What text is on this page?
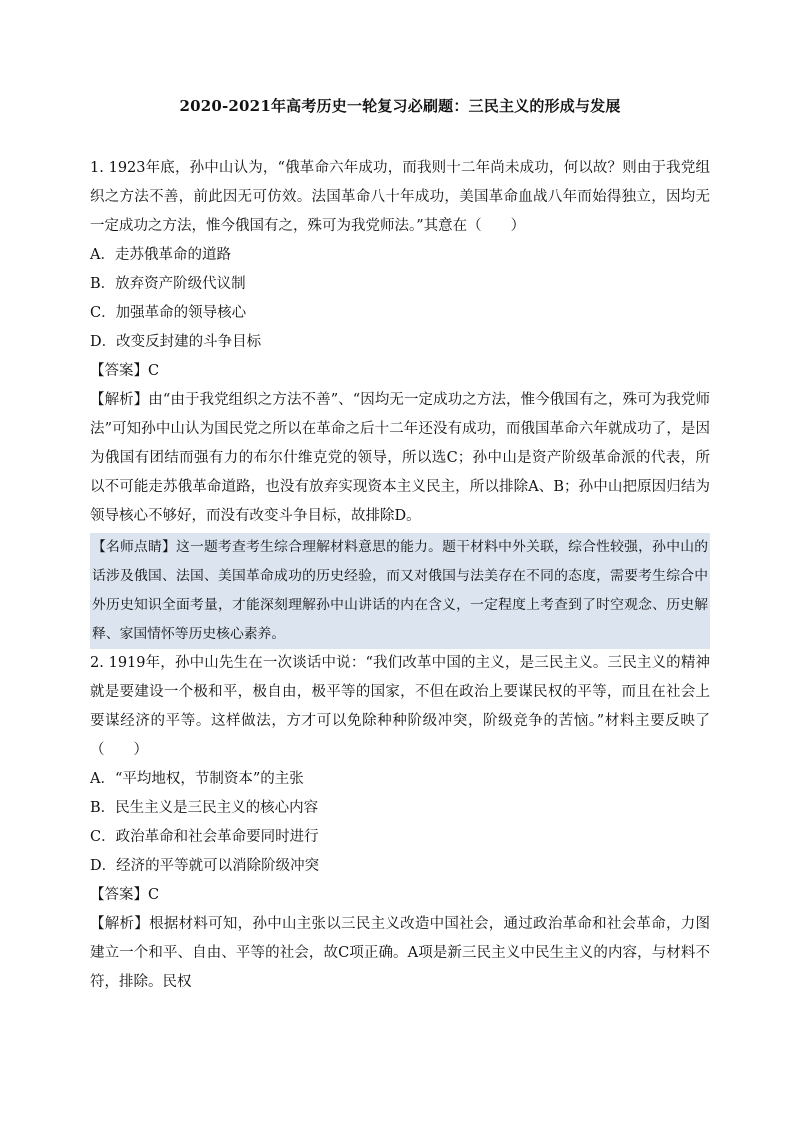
2020-2021年高考历史一轮复习必刷题：三民主义的形成与发展

1. 1923年底，孙中山认为，“俄革命六年成功，而我则十二年尚未成功，何以故？则由于我党组织之方法不善，前此因无可仿效。法国革命八十年成功，美国革命血战八年而始得独立，因均无一定成功之方法，惟今俄国有之，殊可为我党师法。”其意在（　　）

A．走苏俄革命的道路

B．放弃资产阶级代议制

C．加强革命的领导核心

D．改变反封建的斗争目标

【答案】C

【解析】由“由于我党组织之方法不善”、“因均无一定成功之方法，惟今俄国有之，殊可为我党师法”可知孙中山认为国民党之所以在革命之后十二年还没有成功，而俄国革命六年就成功了，是因为俄国有团结而强有力的布尔什维克党的领导，所以选C；孙中山是资产阶级革命派的代表，所以不可能走苏俄革命道路，也没有放弃实现资本主义民主，所以排除A、B；孙中山把原因归结为领导核心不够好，而没有改变斗争目标，故排除D。

【名师点睛】这一题考查考生综合理解材料意思的能力。题干材料中外关联，综合性较强，孙中山的话涉及俄国、法国、美国革命成功的历史经验，而又对俄国与法美存在不同的态度，需要考生综合中外历史知识全面考量，才能深刻理解孙中山讲话的内在含义，一定程度上考查到了时空观念、历史解释、家国情怀等历史核心素养。

2. 1919年，孙中山先生在一次谈话中说：“我们改革中国的主义，是三民主义。三民主义的精神就是要建设一个极和平，极自由，极平等的国家，不但在政治上要谋民权的平等，而且在社会上要谋经济的平等。这样做法，方才可以免除种种阶级冲突，阶级竞争的苦恼。”材料主要反映了（　　）

A．“平均地权，节制资本”的主张

B．民生主义是三民主义的核心内容

C．政治革命和社会革命要同时进行

D．经济的平等就可以消除阶级冲突

【答案】C

【解析】根据材料可知，孙中山主张以三民主义改造中国社会，通过政治革命和社会革命，力图建立一个和平、自由、平等的社会，故C项正确。A项是新三民主义中民生主义的内容，与材料不符，排除。民权
